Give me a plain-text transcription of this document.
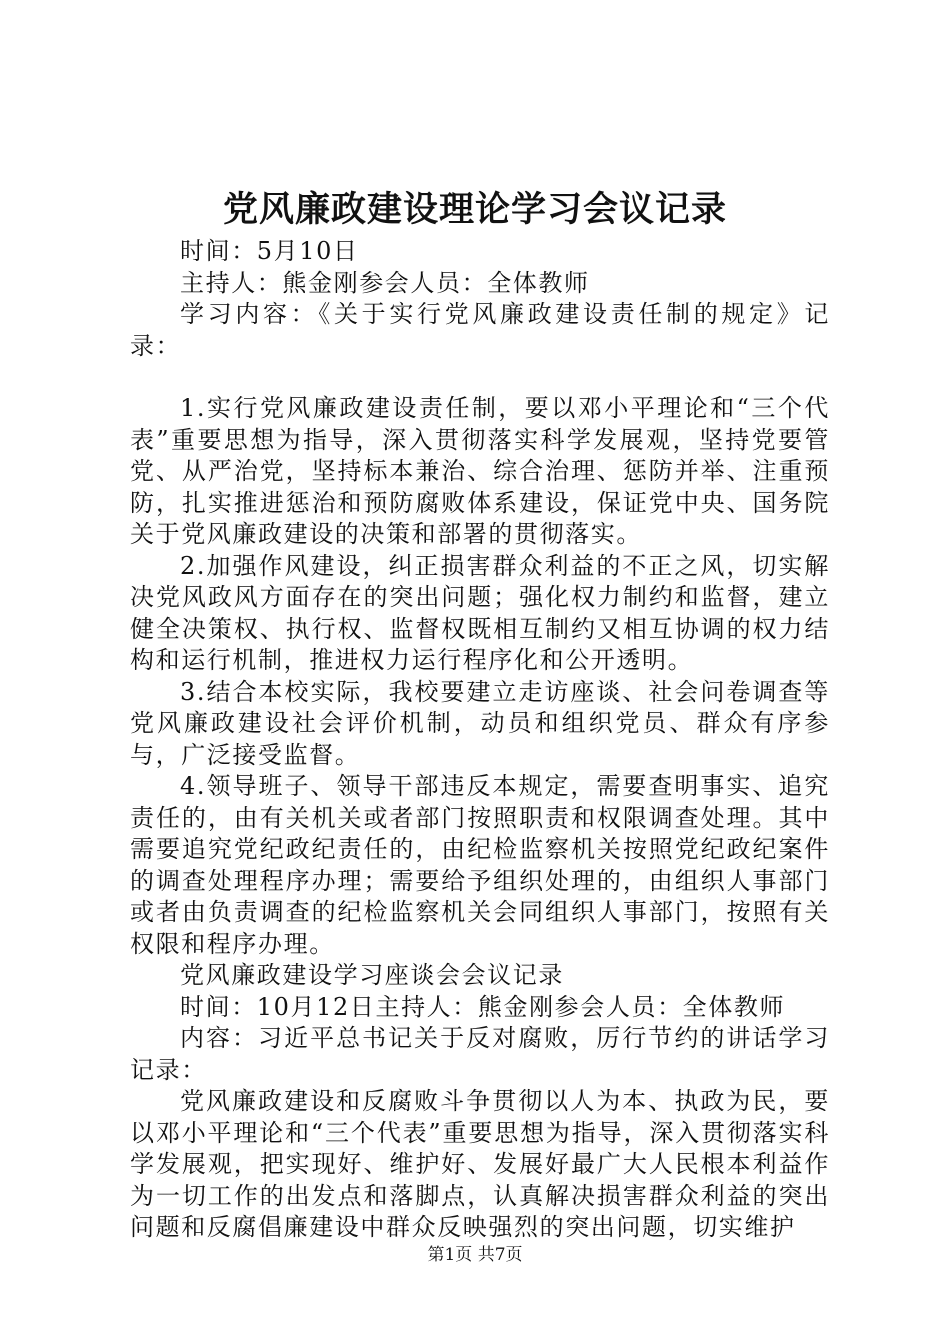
党风廉政建设理论学习会议记录

时间：5月10日

主持人：熊金刚参会人员：全体教师

学习内容：《关于实行党风廉政建设责任制的规定》记录：

1.实行党风廉政建设责任制，要以邓小平理论和“三个代表”重要思想为指导，深入贯彻落实科学发展观，坚持党要管党、从严治党，坚持标本兼治、综合治理、惩防并举、注重预防，扎实推进惩治和预防腐败体系建设，保证党中央、国务院关于党风廉政建设的决策和部署的贯彻落实。

2.加强作风建设，纠正损害群众利益的不正之风，切实解决党风政风方面存在的突出问题；强化权力制约和监督，建立健全决策权、执行权、监督权既相互制约又相互协调的权力结构和运行机制，推进权力运行程序化和公开透明。

3.结合本校实际，我校要建立走访座谈、社会问卷调查等党风廉政建设社会评价机制，动员和组织党员、群众有序参与，广泛接受监督。

4.领导班子、领导干部违反本规定，需要查明事实、追究责任的，由有关机关或者部门按照职责和权限调查处理。其中需要追究党纪政纪责任的，由纪检监察机关按照党纪政纪案件的调查处理程序办理；需要给予组织处理的，由组织人事部门或者由负责调查的纪检监察机关会同组织人事部门，按照有关权限和程序办理。

党风廉政建设学习座谈会会议记录

时间：10月12日主持人：熊金刚参会人员：全体教师

内容：习近平总书记关于反对腐败，厉行节约的讲话学习记录：

党风廉政建设和反腐败斗争贯彻以人为本、执政为民，要以邓小平理论和“三个代表”重要思想为指导，深入贯彻落实科学发展观，把实现好、维护好、发展好最广大人民根本利益作为一切工作的出发点和落脚点，认真解决损害群众利益的突出问题和反腐倡廉建设中群众反映强烈的突出问题，切实维护

第1页 共7页
